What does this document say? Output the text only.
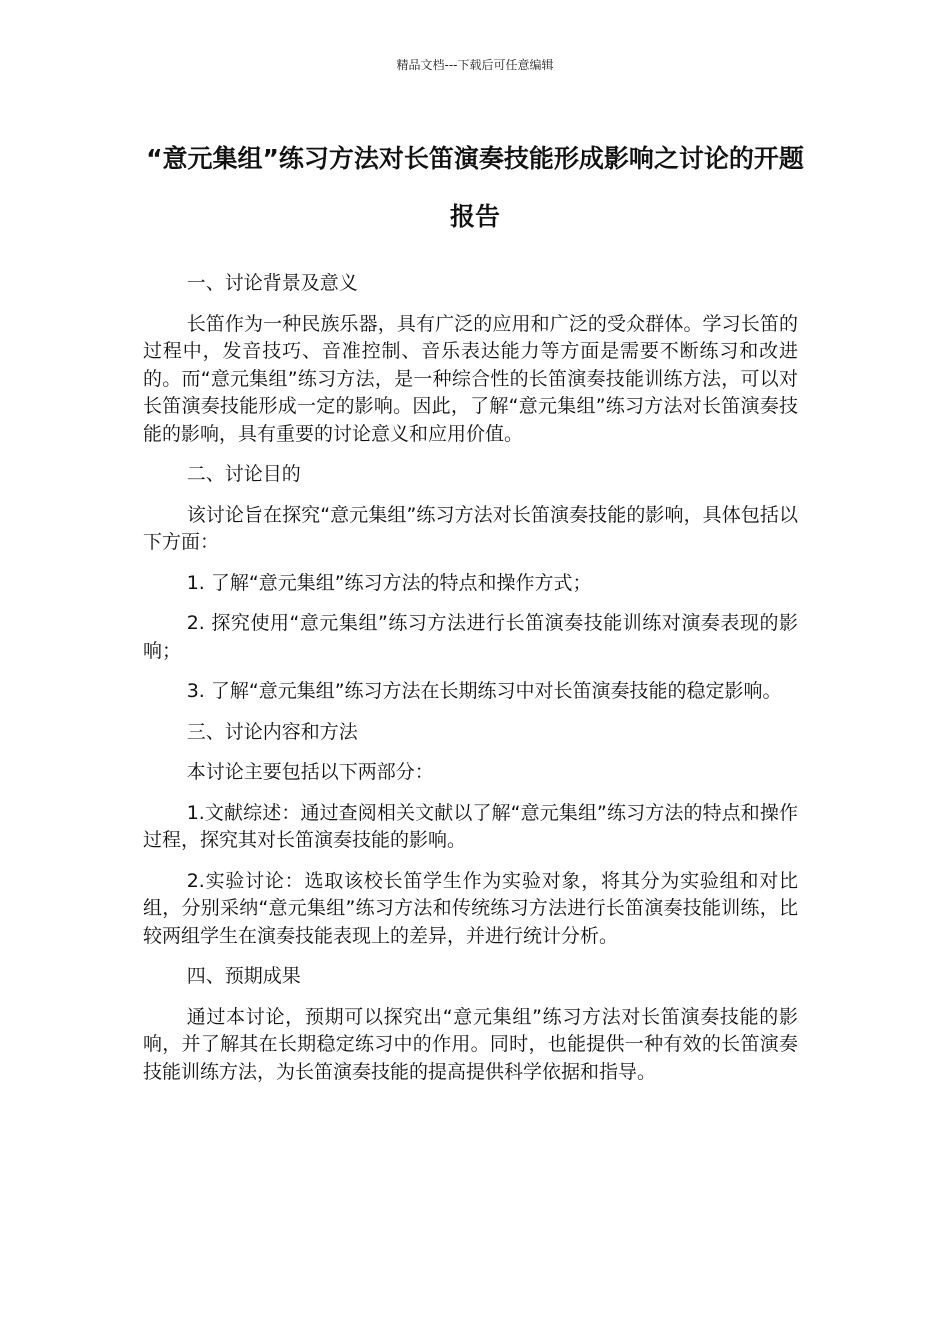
精品文档---下载后可任意编辑
“意元集组”练习方法对长笛演奏技能形成影响之讨论的开题报告

一、讨论背景及意义

长笛作为一种民族乐器，具有广泛的应用和广泛的受众群体。学习长笛的过程中，发音技巧、音准控制、音乐表达能力等方面是需要不断练习和改进的。而“意元集组”练习方法，是一种综合性的长笛演奏技能训练方法，可以对长笛演奏技能形成一定的影响。因此，了解“意元集组”练习方法对长笛演奏技能的影响，具有重要的讨论意义和应用价值。

二、讨论目的

该讨论旨在探究“意元集组”练习方法对长笛演奏技能的影响，具体包括以下方面：

1. 了解“意元集组”练习方法的特点和操作方式；

2. 探究使用“意元集组”练习方法进行长笛演奏技能训练对演奏表现的影响；

3. 了解“意元集组”练习方法在长期练习中对长笛演奏技能的稳定影响。

三、讨论内容和方法

本讨论主要包括以下两部分：

1.文献综述：通过查阅相关文献以了解“意元集组”练习方法的特点和操作过程，探究其对长笛演奏技能的影响。

2.实验讨论：选取该校长笛学生作为实验对象，将其分为实验组和对比组，分别采纳“意元集组”练习方法和传统练习方法进行长笛演奏技能训练，比较两组学生在演奏技能表现上的差异，并进行统计分析。

四、预期成果

通过本讨论，预期可以探究出“意元集组”练习方法对长笛演奏技能的影响，并了解其在长期稳定练习中的作用。同时，也能提供一种有效的长笛演奏技能训练方法，为长笛演奏技能的提高提供科学依据和指导。
